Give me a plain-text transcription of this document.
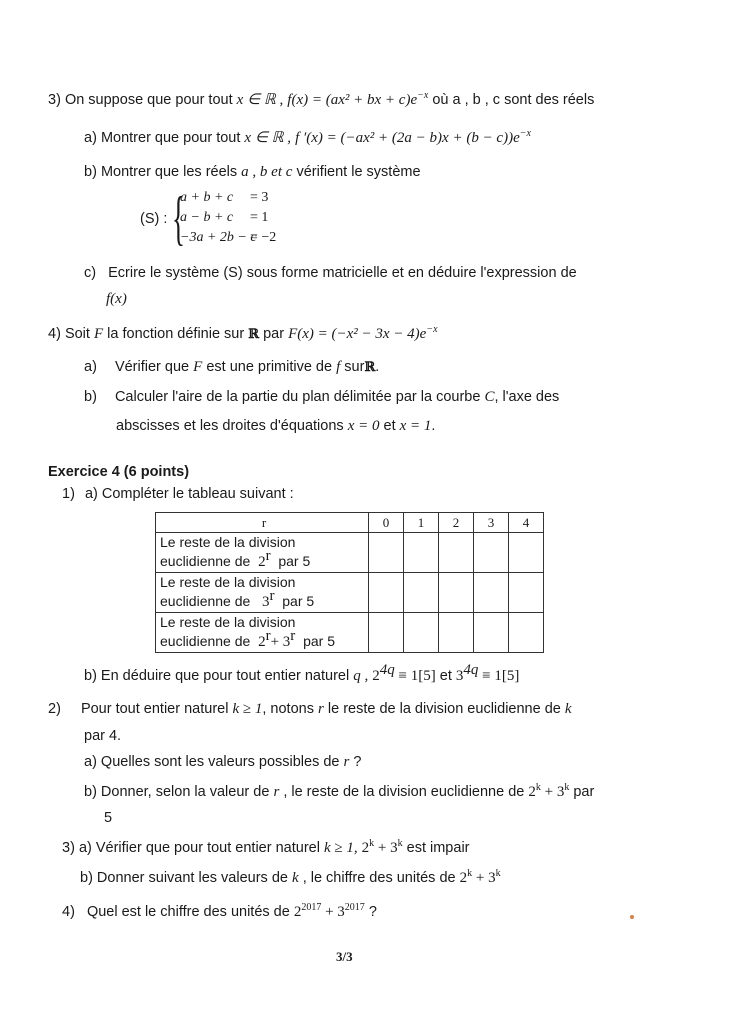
3) On suppose que pour tout x ∈ ℝ , f(x) = (ax² + bx + $c)e^{-x}$ où a , b , c sont des réels
a) Montrer que pour tout x ∈ ℝ , f $'(x) = (-ax^2 + (2a - b)x + (b - c))e^{-x}$
b) Montrer que les réels a , b et c vérifient le système
(S) : {
a + b + c = 3
a − b + c = 1
−3a + 2b − c
= −2
c) Ecrire le système (S) sous forme matricielle et en déduire l'expression de
f(x)
4) Soit F la fonction définie sur ℝ par $F(x) = (-x^2 - 3x - 4)e^{-x}$
a) Vérifier que F est une primitive de f surℝ.
b) Calculer l'aire de la partie du plan délimitée par la courbe C, l'axe des
abscisses et les droites d'équations x = 0 et x = 1.
Exercice 4 (6 points)
1) a) Compléter le tableau suivant :
r	0	1	2	3	4

Le reste de la division
euclidienne de 2$^r$ par 5					

Le reste de la division
euclidienne de 3$^r$ par 5					

Le reste de la division
euclidienne de $2^r+ 3^r$ par 5					

b) En déduire que pour tout entier naturel q , $2^{4q} \equiv 1[5]$ et $3^{4q} \equiv 1[5]$
2) Pour tout entier naturel k ≥ 1, notons r le reste de la division euclidienne de k
par 4.
a) Quelles sont les valeurs possibles de r ?
b) Donner, selon la valeur de r , le reste de la division euclidienne de $2^k + 3^k$ par
5
3) a) Vérifier que pour tout entier naturel k ≥ 1, $2^k + 3^k$ est impair
b) Donner suivant les valeurs de k , le chiffre des unités de $2^k + 3^k$
4) Quel est le chiffre des unités de $2^{2017} + 3^{2017}$ ?
3/3
